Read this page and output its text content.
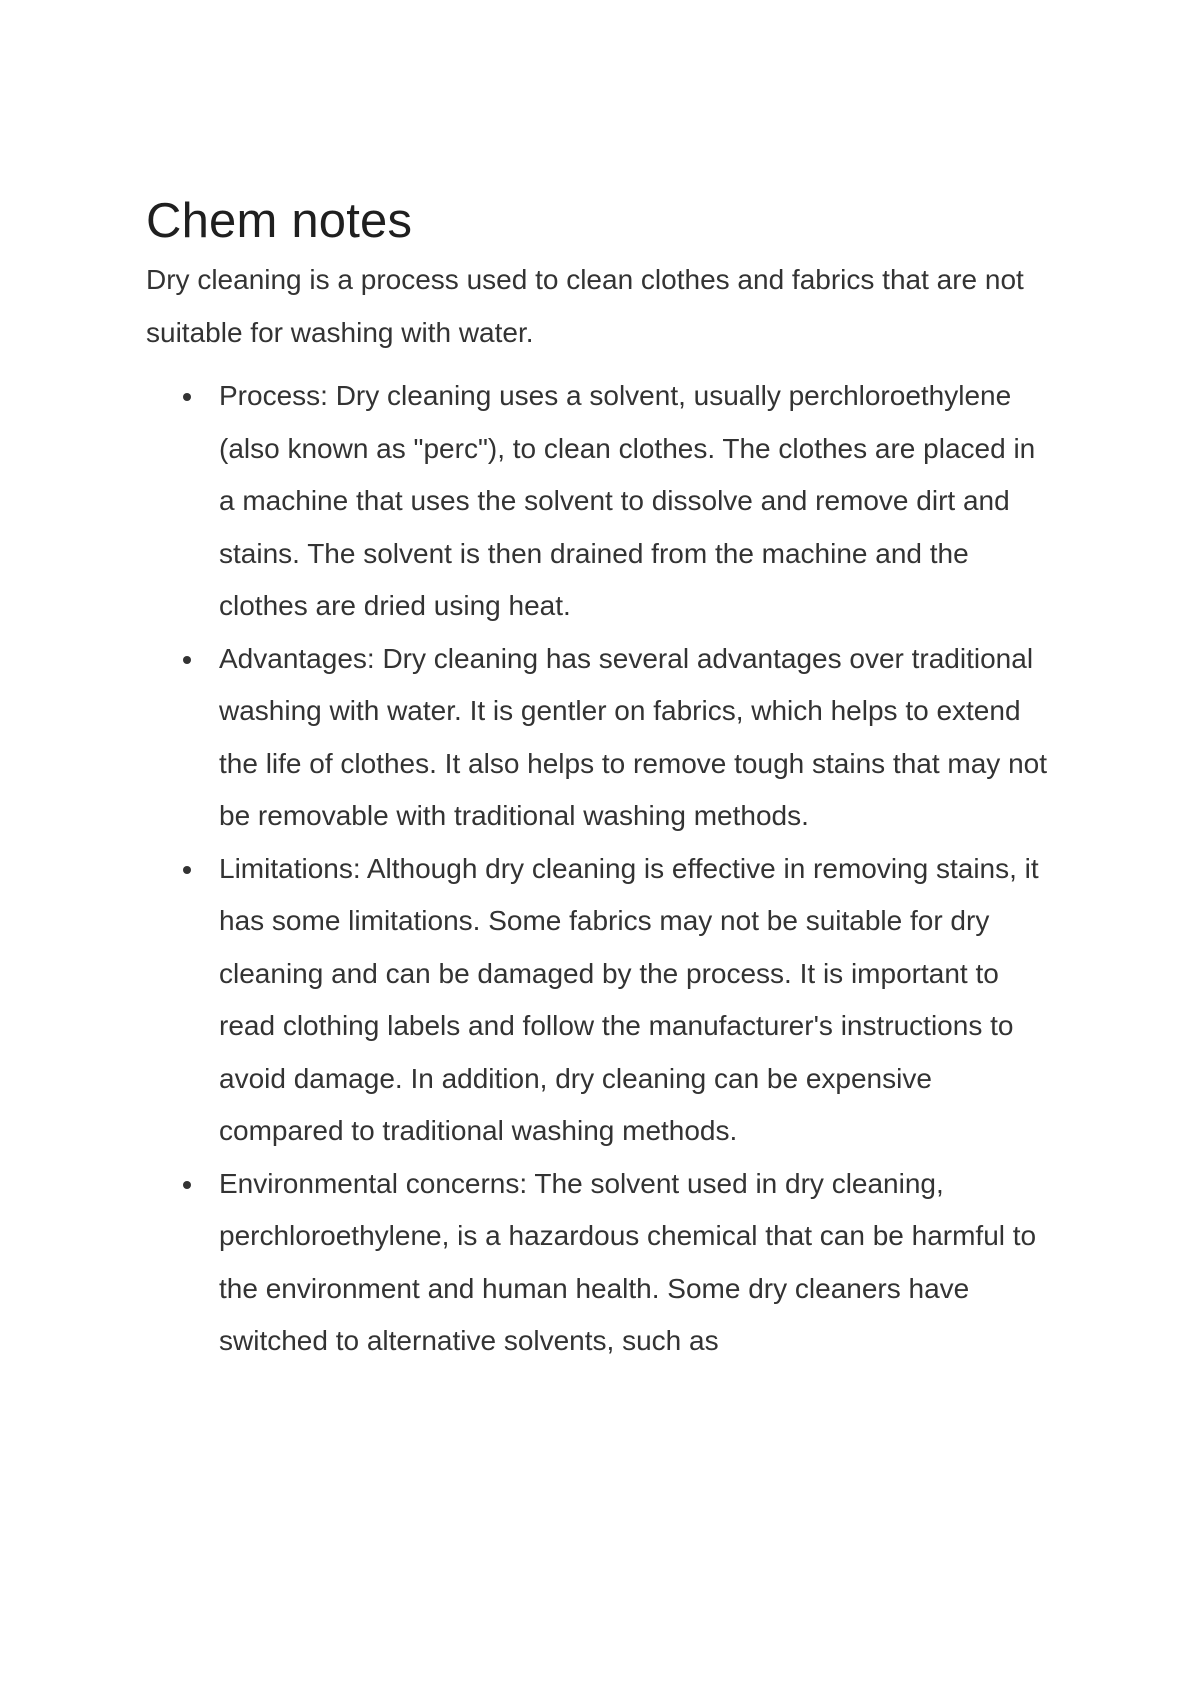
Chem notes

Dry cleaning is a process used to clean clothes and fabrics that are not suitable for washing with water.

Process: Dry cleaning uses a solvent, usually perchloroethylene (also known as "perc"), to clean clothes. The clothes are placed in a machine that uses the solvent to dissolve and remove dirt and stains. The solvent is then drained from the machine and the clothes are dried using heat.
Advantages: Dry cleaning has several advantages over traditional washing with water. It is gentler on fabrics, which helps to extend the life of clothes. It also helps to remove tough stains that may not be removable with traditional washing methods.
Limitations: Although dry cleaning is effective in removing stains, it has some limitations. Some fabrics may not be suitable for dry cleaning and can be damaged by the process. It is important to read clothing labels and follow the manufacturer's instructions to avoid damage. In addition, dry cleaning can be expensive compared to traditional washing methods.
Environmental concerns: The solvent used in dry cleaning, perchloroethylene, is a hazardous chemical that can be harmful to the environment and human health. Some dry cleaners have switched to alternative solvents, such as
